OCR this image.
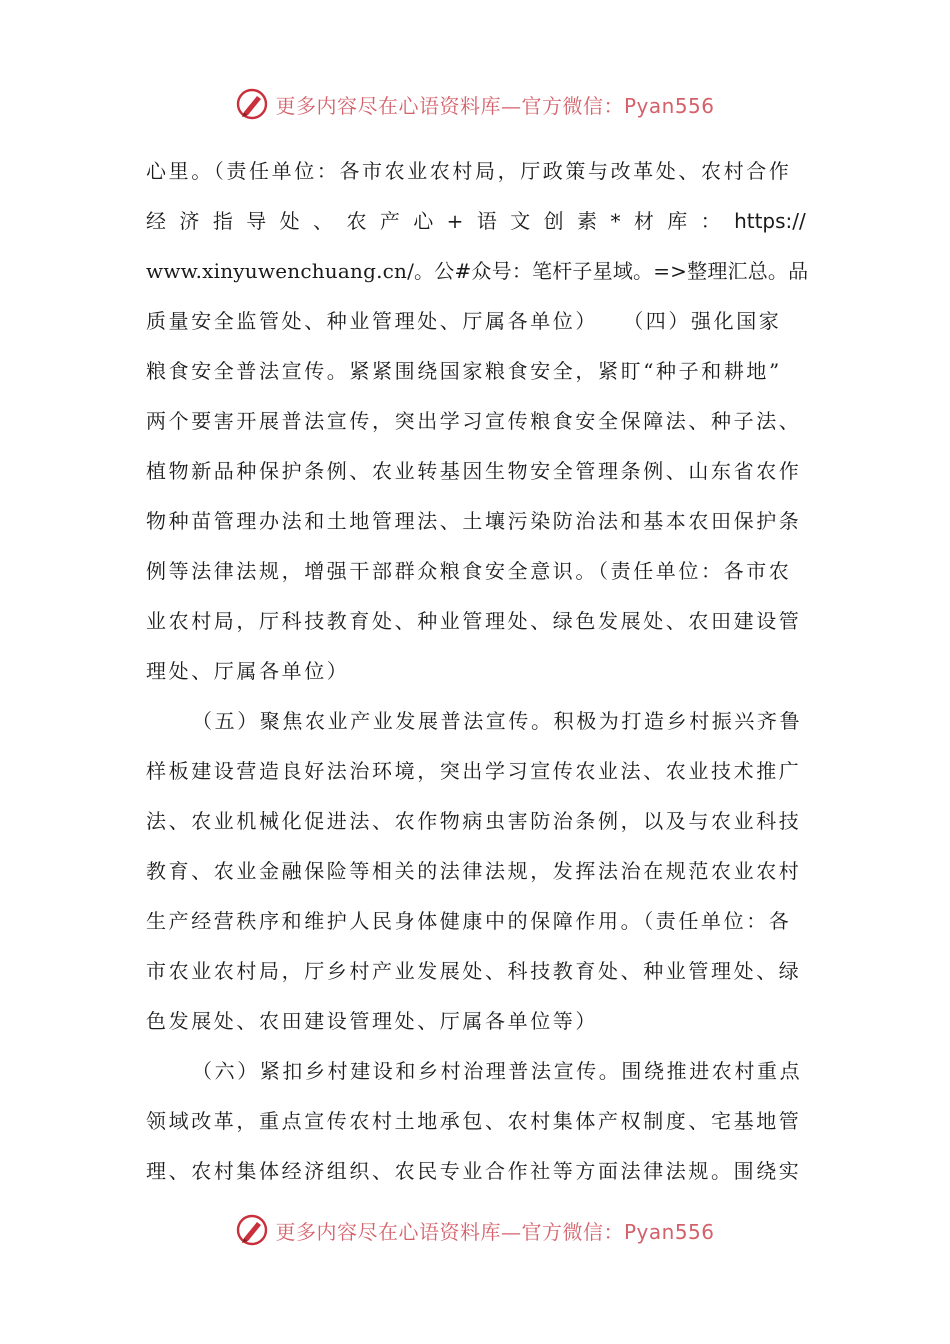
更多内容尽在心语资料库—官方微信：Pyan556
心里。（责任单位：各市农业农村局，厅政策与改革处、农村合作
经 济 指 导 处 、 农 产 心 + 语 文 创 素 * 材 库 ： https://
www.xinyuwenchuang.cn/。公#众号：笔杆子星域。=>整理汇总。品
质量安全监管处、种业管理处、厅属各单位）　　（四）强化国家
粮食安全普法宣传。紧紧围绕国家粮食安全，紧盯“种子和耕地”
两个要害开展普法宣传，突出学习宣传粮食安全保障法、种子法、
植物新品种保护条例、农业转基因生物安全管理条例、山东省农作
物种苗管理办法和土地管理法、土壤污染防治法和基本农田保护条
例等法律法规，增强干部群众粮食安全意识。（责任单位：各市农
业农村局，厅科技教育处、种业管理处、绿色发展处、农田建设管
理处、厅属各单位）
（五）聚焦农业产业发展普法宣传。积极为打造乡村振兴齐鲁
样板建设营造良好法治环境，突出学习宣传农业法、农业技术推广
法、农业机械化促进法、农作物病虫害防治条例，以及与农业科技
教育、农业金融保险等相关的法律法规，发挥法治在规范农业农村
生产经营秩序和维护人民身体健康中的保障作用。（责任单位：各
市农业农村局，厅乡村产业发展处、科技教育处、种业管理处、绿
色发展处、农田建设管理处、厅属各单位等）
（六）紧扣乡村建设和乡村治理普法宣传。围绕推进农村重点
领域改革，重点宣传农村土地承包、农村集体产权制度、宅基地管
理、农村集体经济组织、农民专业合作社等方面法律法规。围绕实
更多内容尽在心语资料库—官方微信：Pyan556
